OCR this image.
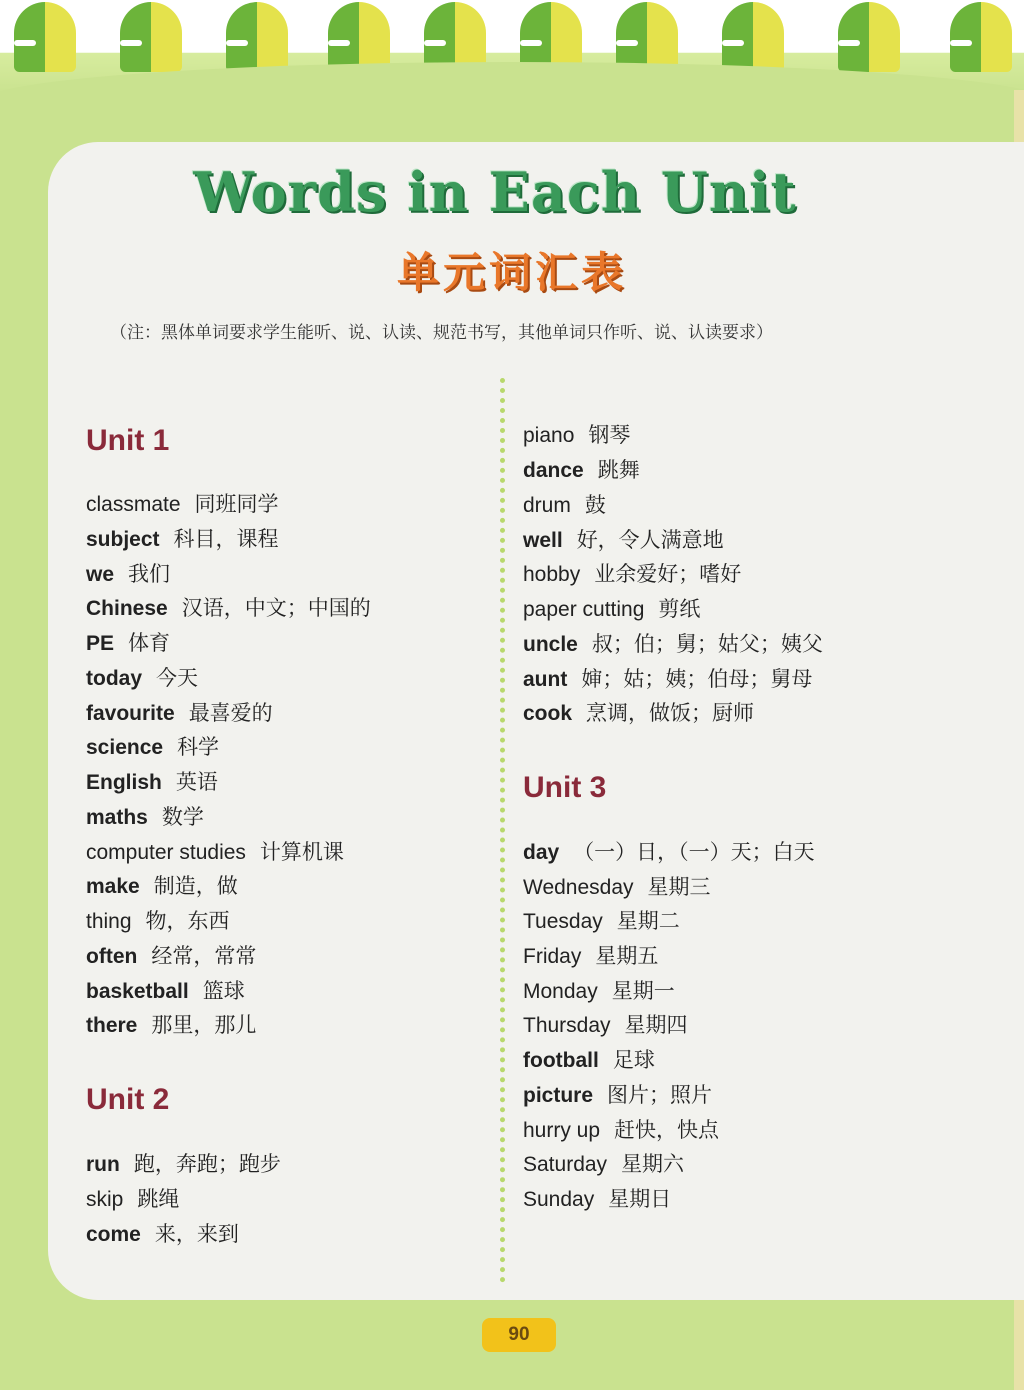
Words in Each Unit
单元词汇表
（注：黑体单词要求学生能听、说、认读、规范书写，其他单词只作听、说、认读要求）
Unit 1
classmate 同班同学
subject 科目，课程
we 我们
Chinese 汉语，中文；中国的
PE 体育
today 今天
favourite 最喜爱的
science 科学
English 英语
maths 数学
computer studies 计算机课
make 制造，做
thing 物，东西
often 经常，常常
basketball 篮球
there 那里，那儿
Unit 2
run 跑，奔跑；跑步
skip 跳绳
come 来，来到
piano 钢琴
dance 跳舞
drum 鼓
well 好，令人满意地
hobby 业余爱好；嗜好
paper cutting 剪纸
uncle 叔；伯；舅；姑父；姨父
aunt 婶；姑；姨；伯母；舅母
cook 烹调，做饭；厨师
Unit 3
day （一）日，（一）天；白天
Wednesday 星期三
Tuesday 星期二
Friday 星期五
Monday 星期一
Thursday 星期四
football 足球
picture 图片；照片
hurry up 赶快，快点
Saturday 星期六
Sunday 星期日
90
